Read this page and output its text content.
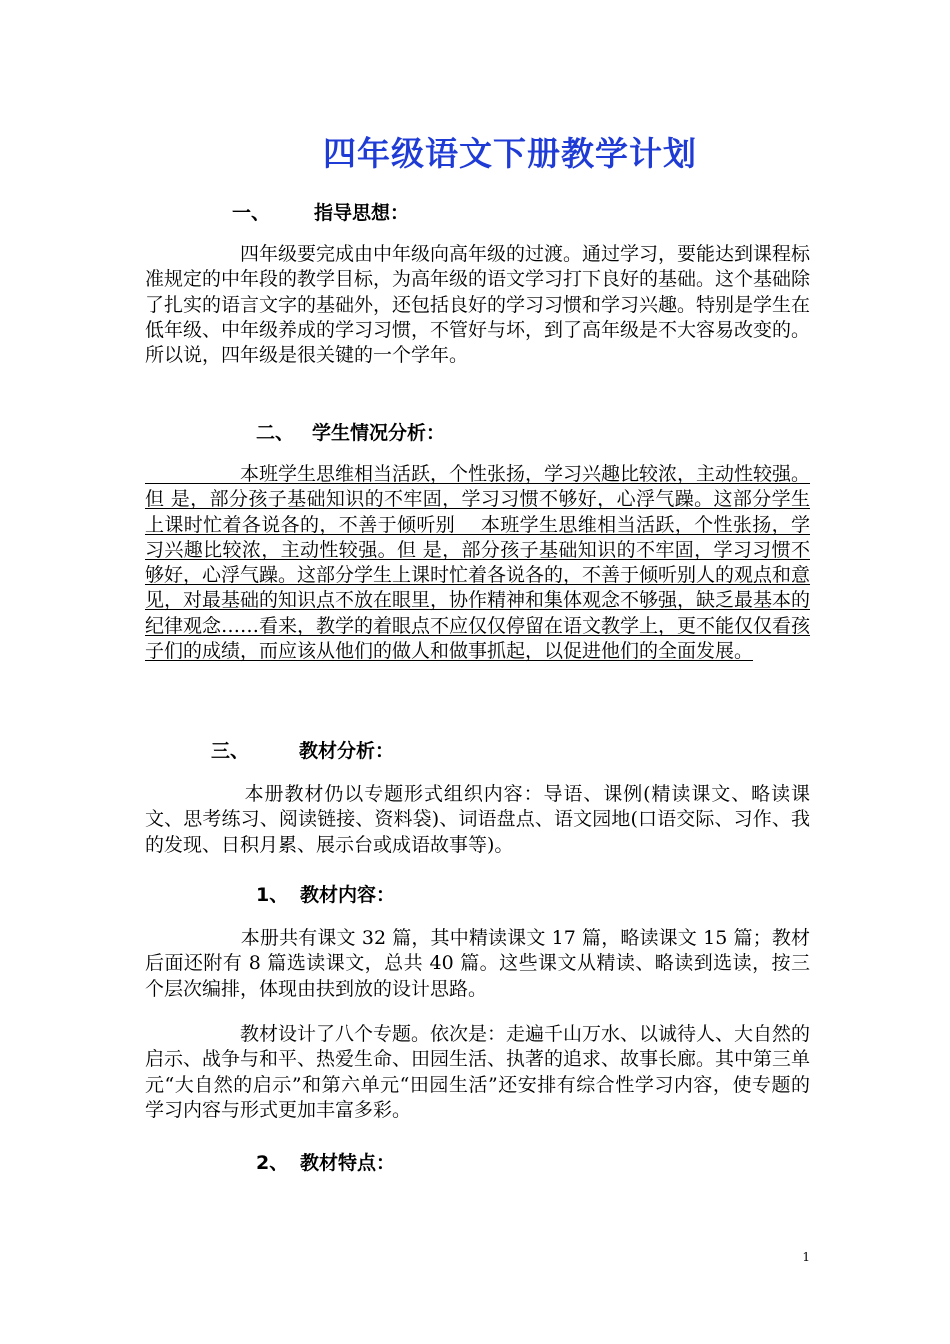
四年级语文下册教学计划

一、 指导思想：

　　　　　四年级要完成由中年级向高年级的过渡。通过学习，要能达到课程标准规定的中年段的教学目标，为高年级的语文学习打下良好的基础。这个基础除了扎实的语言文字的基础外，还包括良好的学习习惯和学习兴趣。特别是学生在低年级、中年级养成的学习习惯，不管好与坏，到了高年级是不大容易改变的。所以说，四年级是很关键的一个学年。

二、 学生情况分析：

　　　　　本班学生思维相当活跃，个性张扬，学习兴趣比较浓，主动性较强。但 是，部分孩子基础知识的不牢固，学习习惯不够好，心浮气躁。这部分学生上课时忙着各说各的，不善于倾听别 　本班学生思维相当活跃，个性张扬，学习兴趣比较浓，主动性较强。但 是，部分孩子基础知识的不牢固，学习习惯不够好，心浮气躁。这部分学生上课时忙着各说各的，不善于倾听别人的观点和意见，对最基础的知识点不放在眼里，协作精神和集体观念不够强，缺乏最基本的纪律观念……看来，教学的着眼点不应仅仅停留在语文教学上，更不能仅仅看孩子们的成绩，而应该从他们的做人和做事抓起，以促进他们的全面发展。

三、	教材分析：

　　　　　本册教材仍以专题形式组织内容：导语、课例(精读课文、略读课文、思考练习、阅读链接、资料袋)、词语盘点、语文园地(口语交际、习作、我的发现、日积月累、展示台或成语故事等)。

1、 教材内容：

　　　　　本册共有课文 32 篇，其中精读课文 17 篇，略读课文 15 篇；教材后面还附有 8 篇选读课文，总共 40 篇。这些课文从精读、略读到选读，按三个层次编排，体现由扶到放的设计思路。

　　　　　教材设计了八个专题。依次是：走遍千山万水、以诚待人、大自然的启示、战争与和平、热爱生命、田园生活、执著的追求、故事长廊。其中第三单元“大自然的启示”和第六单元“田园生活”还安排有综合性学习内容，使专题的学习内容与形式更加丰富多彩。

2、 教材特点：

1
